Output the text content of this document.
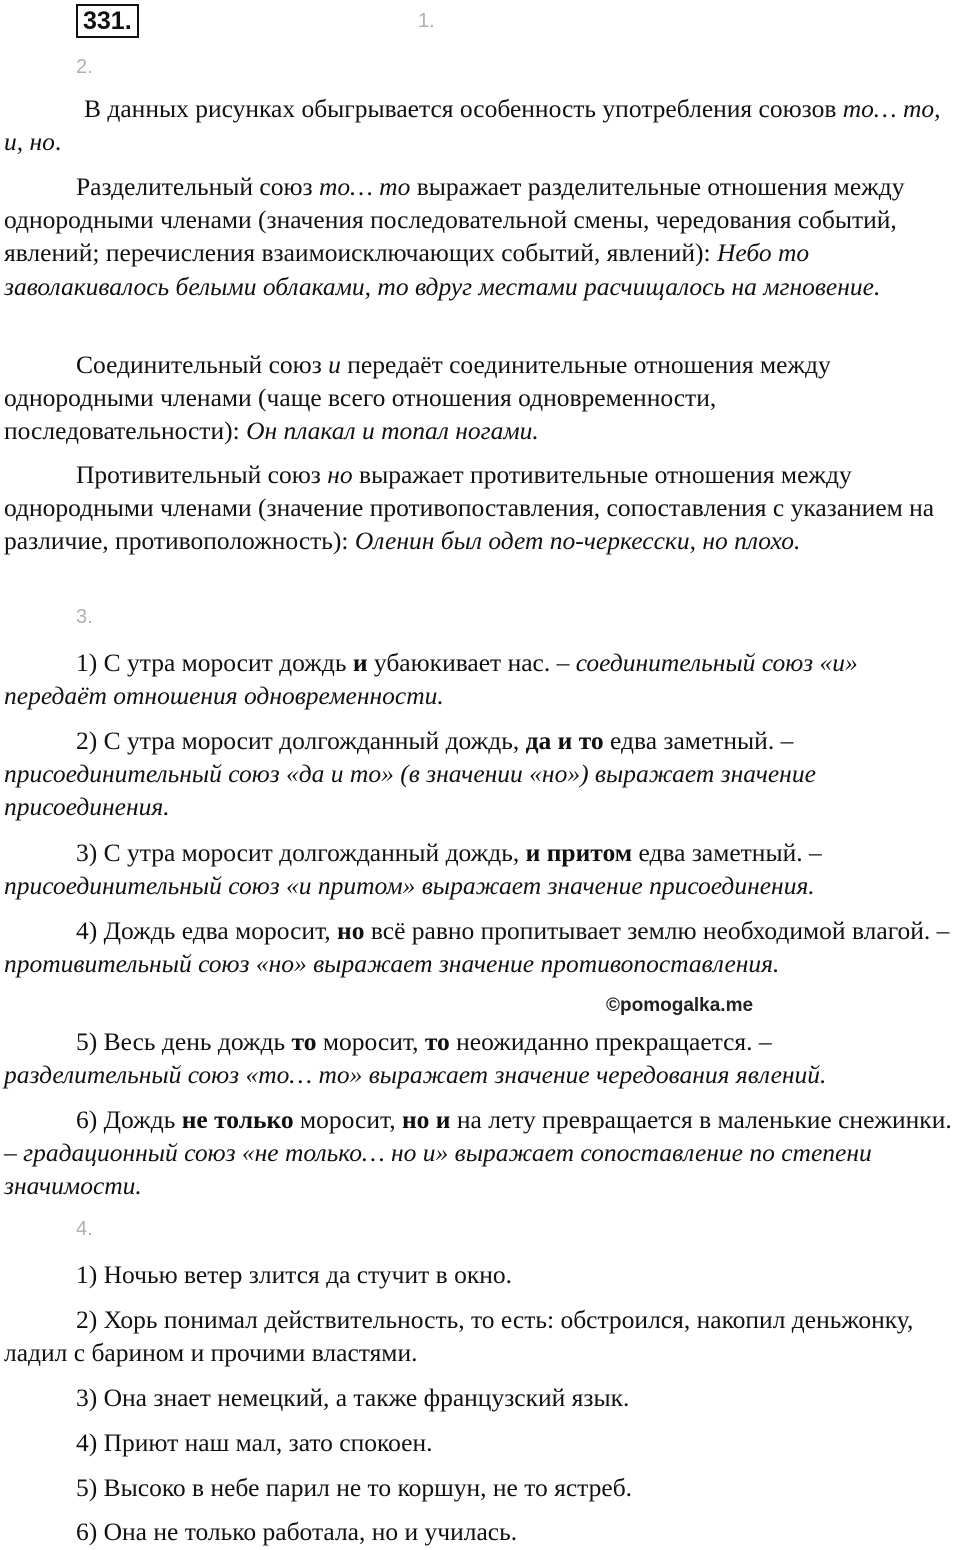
331.	1.
2.

В данных рисунках обыгрывается особенность употребления союзов то… то, и, но.

Разделительный союз то… то выражает разделительные отношения между однородными членами (значения последовательной смены, чередования событий, явлений; перечисления взаимоисключающих событий, явлений): Небо то заволакивалось белыми облаками, то вдруг местами расчищалось на мгновение.

Соединительный союз и передаёт соединительные отношения между однородными членами (чаще всего отношения одновременности, последовательности): Он плакал и топал ногами.

Противительный союз но выражает противительные отношения между однородными членами (значение противопоставления, сопоставления с указанием на различие, противоположность): Оленин был одет по-черкесски, но плохо.

3.

1) С утра моросит дождь и убаюкивает нас. – соединительный союз «и» передаёт отношения одновременности.

2) С утра моросит долгожданный дождь, да и то едва заметный. – присоединительный союз «да и то» (в значении «но») выражает значение присоединения.

3) С утра моросит долгожданный дождь, и притом едва заметный. – присоединительный союз «и притом» выражает значение присоединения.

4) Дождь едва моросит, но всё равно пропитывает землю необходимой влагой. – противительный союз «но» выражает значение противопоставления.

©pomogalka.me

5) Весь день дождь то моросит, то неожиданно прекращается. – разделительный союз «то… то» выражает значение чередования явлений.

6) Дождь не только моросит, но и на лету превращается в маленькие снежинки. – градационный союз «не только… но и» выражает сопоставление по степени значимости.

4.

1) Ночью ветер злится да стучит в окно.

2) Хорь понимал действительность, то есть: обстроился, накопил деньжонку, ладил с барином и прочими властями.

3) Она знает немецкий, а также французский язык.

4) Приют наш мал, зато спокоен.

5) Высоко в небе парил не то коршун, не то ястреб.

6) Она не только работала, но и училась.
